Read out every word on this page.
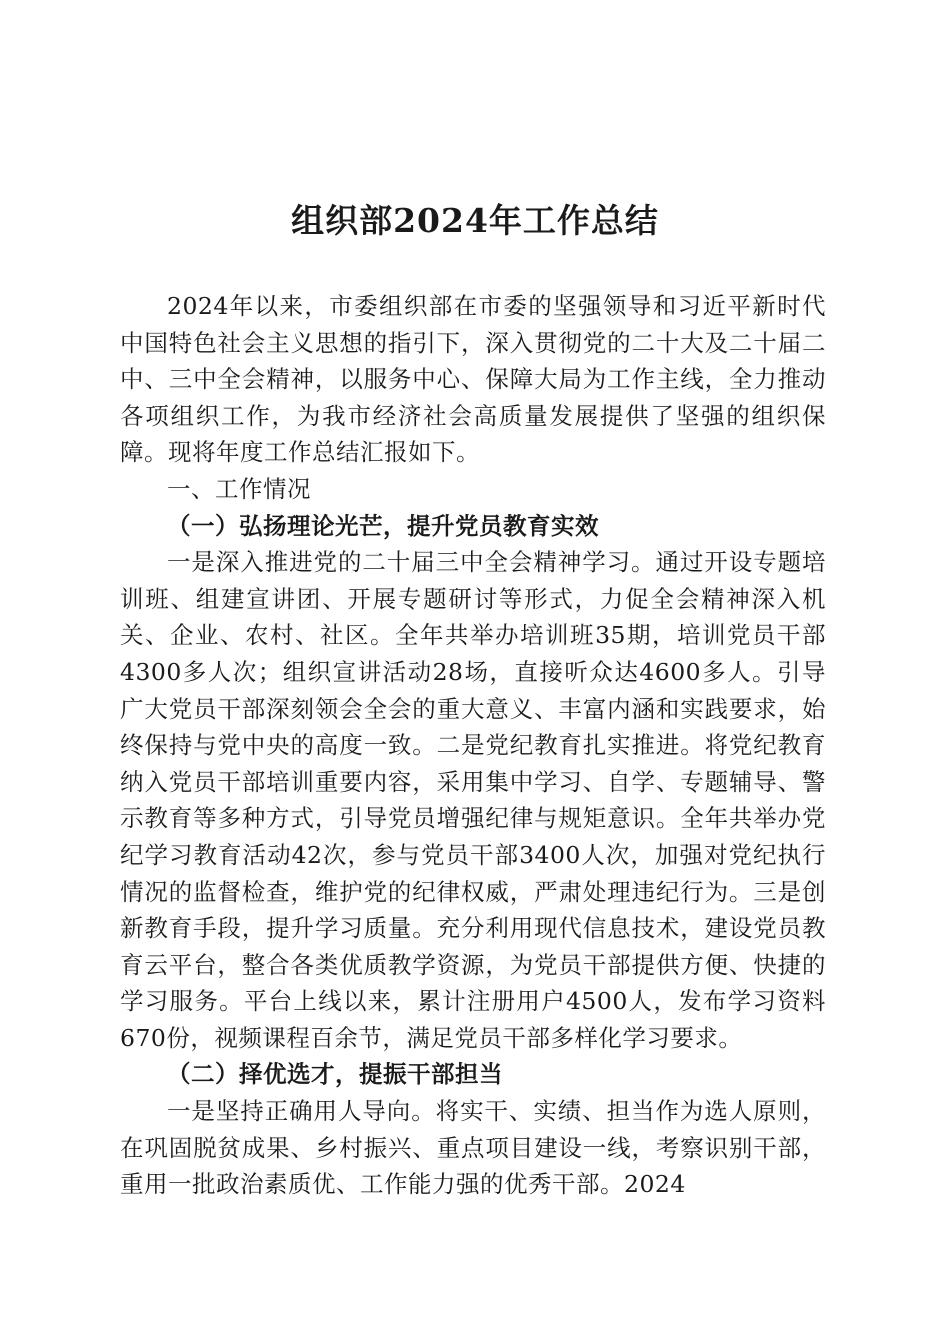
组织部2024年工作总结

2024年以来，市委组织部在市委的坚强领导和习近平新时代中国特色社会主义思想的指引下，深入贯彻党的二十大及二十届二中、三中全会精神，以服务中心、保障大局为工作主线，全力推动各项组织工作，为我市经济社会高质量发展提供了坚强的组织保障。现将年度工作总结汇报如下。

一、工作情况

（一）弘扬理论光芒，提升党员教育实效

一是深入推进党的二十届三中全会精神学习。通过开设专题培训班、组建宣讲团、开展专题研讨等形式，力促全会精神深入机关、企业、农村、社区。全年共举办培训班35期，培训党员干部4300多人次；组织宣讲活动28场，直接听众达4600多人。引导广大党员干部深刻领会全会的重大意义、丰富内涵和实践要求，始终保持与党中央的高度一致。二是党纪教育扎实推进。将党纪教育纳入党员干部培训重要内容，采用集中学习、自学、专题辅导、警示教育等多种方式，引导党员增强纪律与规矩意识。全年共举办党纪学习教育活动42次，参与党员干部3400人次，加强对党纪执行情况的监督检查，维护党的纪律权威，严肃处理违纪行为。三是创新教育手段，提升学习质量。充分利用现代信息技术，建设党员教育云平台，整合各类优质教学资源，为党员干部提供方便、快捷的学习服务。平台上线以来，累计注册用户4500人，发布学习资料670份，视频课程百余节，满足党员干部多样化学习要求。

（二）择优选才，提振干部担当

一是坚持正确用人导向。将实干、实绩、担当作为选人原则，在巩固脱贫成果、乡村振兴、重点项目建设一线，考察识别干部，重用一批政治素质优、工作能力强的优秀干部。2024
